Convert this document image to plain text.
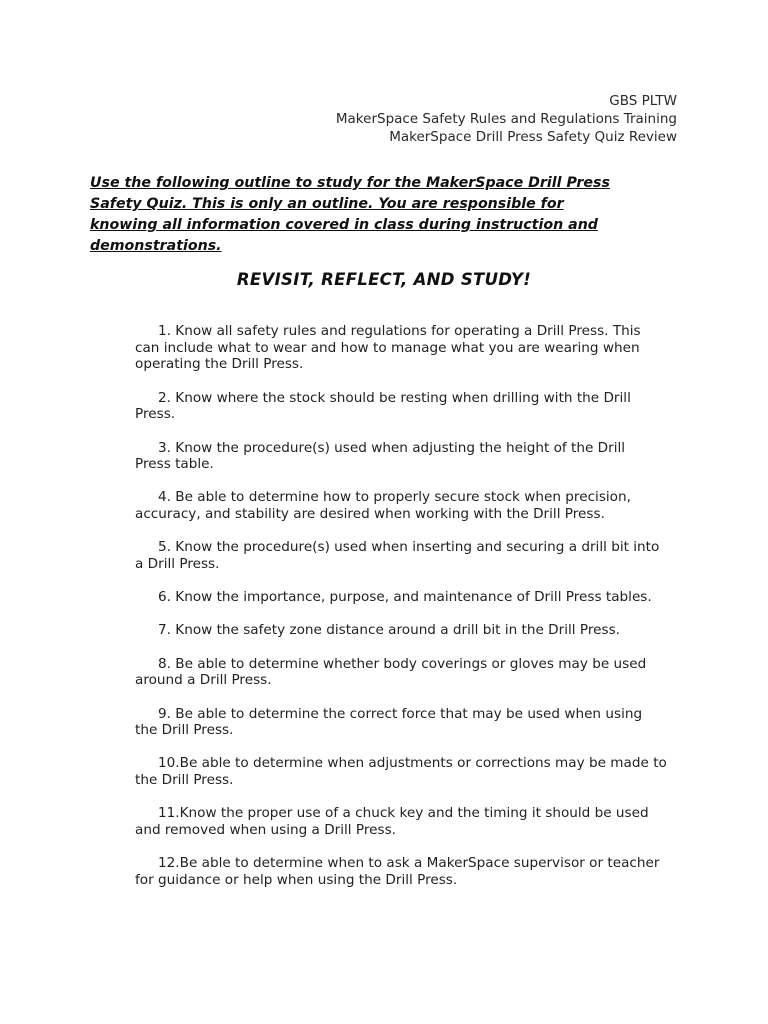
GBS PLTW
MakerSpace Safety Rules and Regulations Training
MakerSpace Drill Press Safety Quiz Review
Use the following outline to study for the MakerSpace Drill Press
Safety Quiz. This is only an outline. You are responsible for
knowing all information covered in class during instruction and
demonstrations.
REVISIT, REFLECT, AND STUDY!
1. Know all safety rules and regulations for operating a Drill Press. This
can include what to wear and how to manage what you are wearing when
operating the Drill Press.
2. Know where the stock should be resting when drilling with the Drill
Press.
3. Know the procedure(s) used when adjusting the height of the Drill
Press table.
4. Be able to determine how to properly secure stock when precision,
accuracy, and stability are desired when working with the Drill Press.
5. Know the procedure(s) used when inserting and securing a drill bit into
a Drill Press.
6. Know the importance, purpose, and maintenance of Drill Press tables.
7. Know the safety zone distance around a drill bit in the Drill Press.
8. Be able to determine whether body coverings or gloves may be used
around a Drill Press.
9. Be able to determine the correct force that may be used when using
the Drill Press.
10.Be able to determine when adjustments or corrections may be made to
the Drill Press.
11.Know the proper use of a chuck key and the timing it should be used
and removed when using a Drill Press.
12.Be able to determine when to ask a MakerSpace supervisor or teacher
for guidance or help when using the Drill Press.
